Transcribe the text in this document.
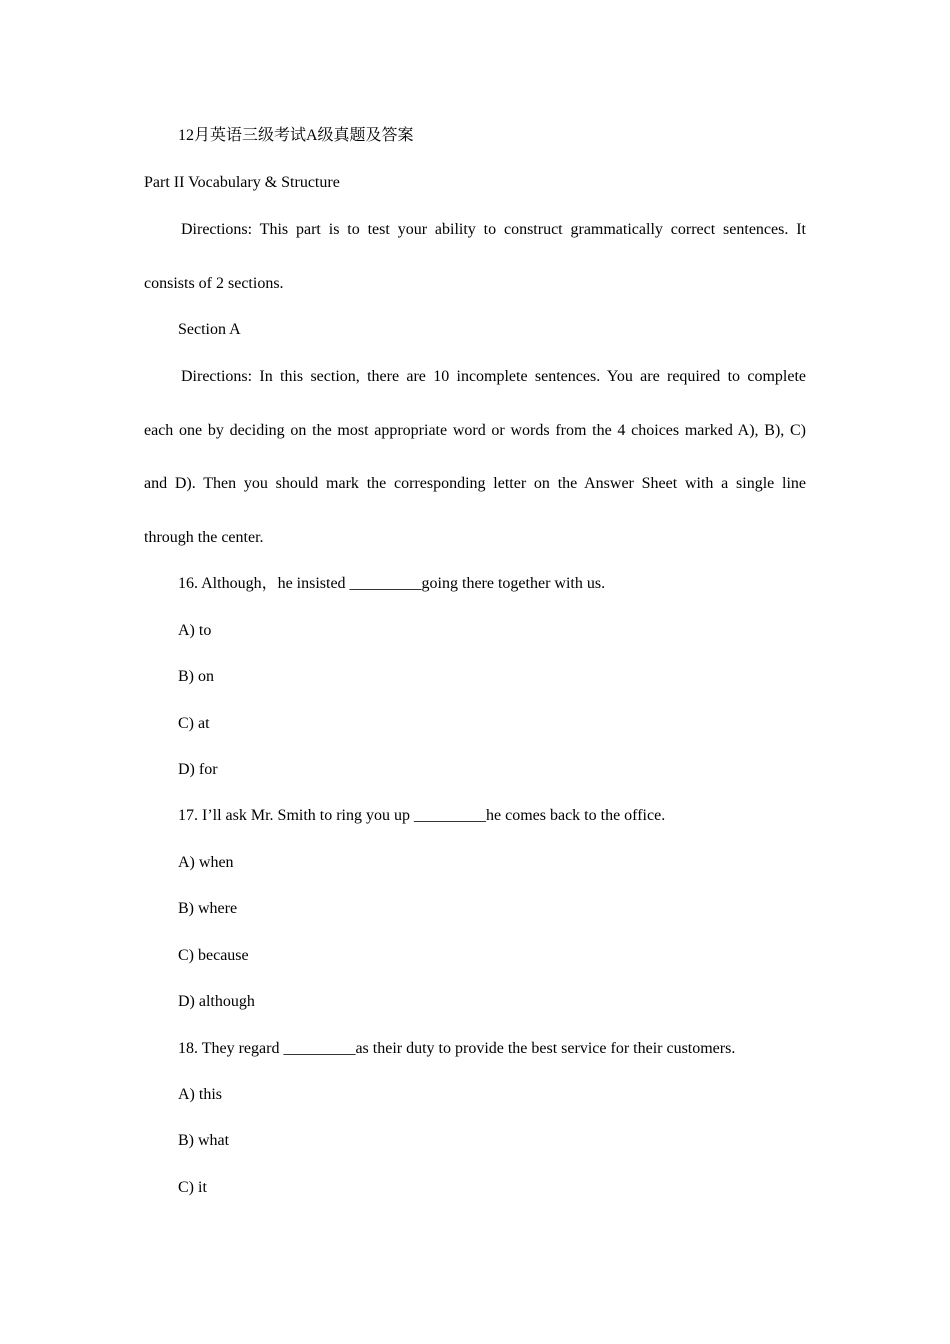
12月英语三级考试A级真题及答案
Part II Vocabulary & Structure
Directions: This part is to test your ability to construct grammatically correct sentences. It
consists of 2 sections.
Section A
Directions: In this section, there are 10 incomplete sentences. You are required to complete
each one by deciding on the most appropriate word or words from the 4 choices marked A), B), C)
and D). Then you should mark the corresponding letter on the Answer Sheet with a single line
through the center.
16. Although，he insisted _________going there together with us.
A) to
B) on
C) at
D) for
17. I’ll ask Mr. Smith to ring you up _________he comes back to the office.
A) when
B) where
C) because
D) although
18. They regard _________as their duty to provide the best service for their customers.
A) this
B) what
C) it
